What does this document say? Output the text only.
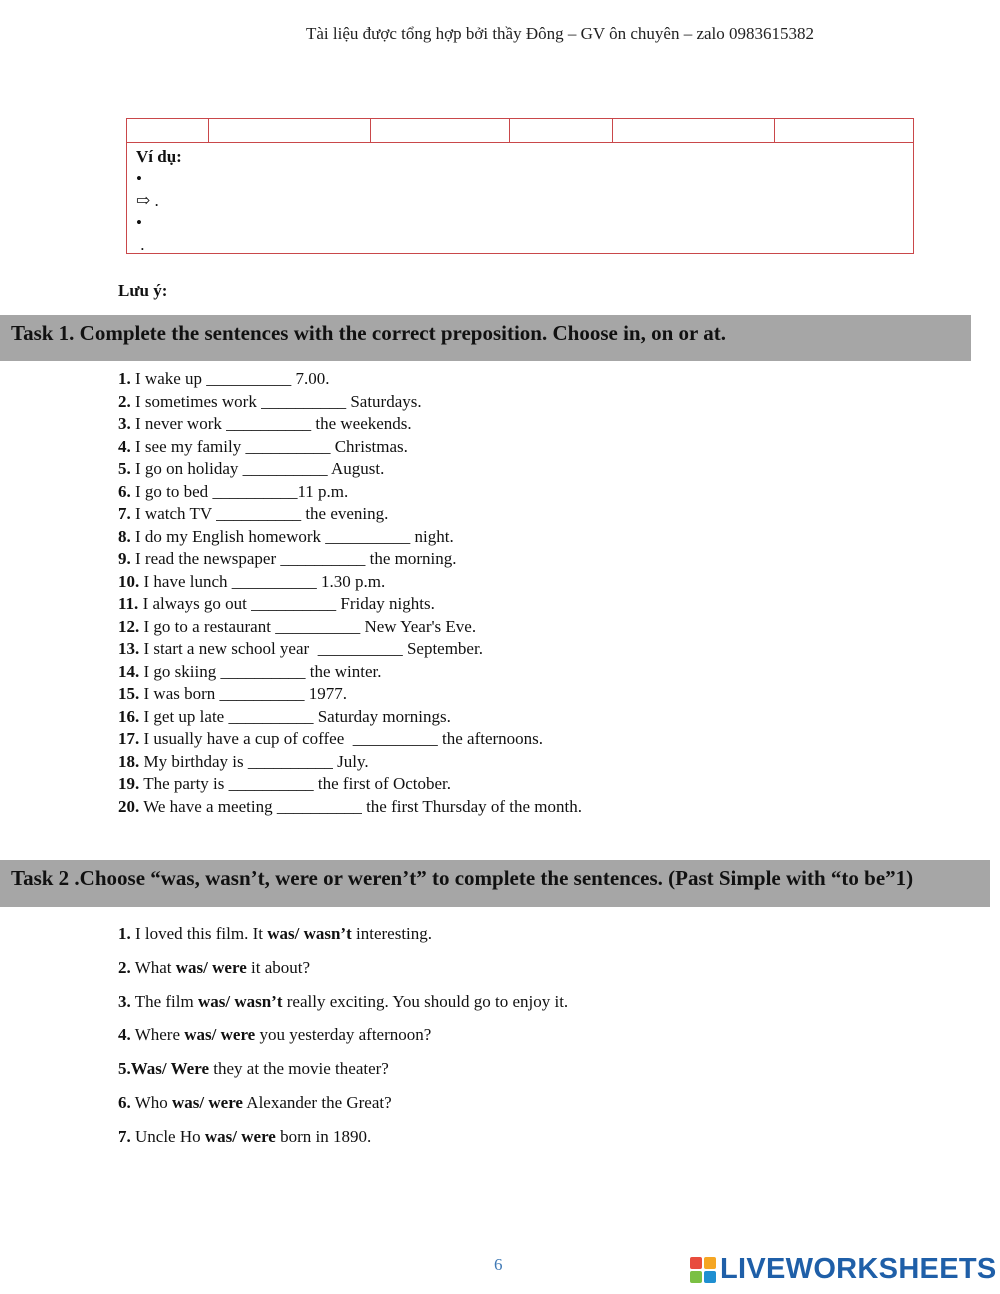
Tài liệu được tổng hợp bởi thầy Đông – GV ôn chuyên – zalo 0983615382
Ví dụ:
•
⇨ .
•
.
Lưu ý:
Task 1. Complete the sentences with the correct preposition. Choose in, on or at.
1. I wake up __________ 7.00.
2. I sometimes work __________ Saturdays.
3. I never work __________ the weekends.
4. I see my family __________ Christmas.
5. I go on holiday __________ August.
6. I go to bed __________11 p.m.
7. I watch TV __________ the evening.
8. I do my English homework __________ night.
9. I read the newspaper __________ the morning.
10. I have lunch __________ 1.30 p.m.
11. I always go out __________ Friday nights.
12. I go to a restaurant __________ New Year's Eve.
13. I start a new school year  __________ September.
14. I go skiing __________ the winter.
15. I was born __________ 1977.
16. I get up late __________ Saturday mornings.
17. I usually have a cup of coffee  __________ the afternoons.
18. My birthday is __________ July.
19. The party is __________ the first of October.
20. We have a meeting __________ the first Thursday of the month.
Task 2 .Choose “was, wasn’t, were or weren’t” to complete the sentences. (Past Simple with “to be”1)
1. I loved this film. It was/ wasn’t interesting.
2. What was/ were it about?
3. The film was/ wasn’t really exciting. You should go to enjoy it.
4. Where was/ were you yesterday afternoon?
5.Was/ Were they at the movie theater?
6. Who was/ were Alexander the Great?
7. Uncle Ho was/ were born in 1890.
6	LIVEWORKSHEETS
